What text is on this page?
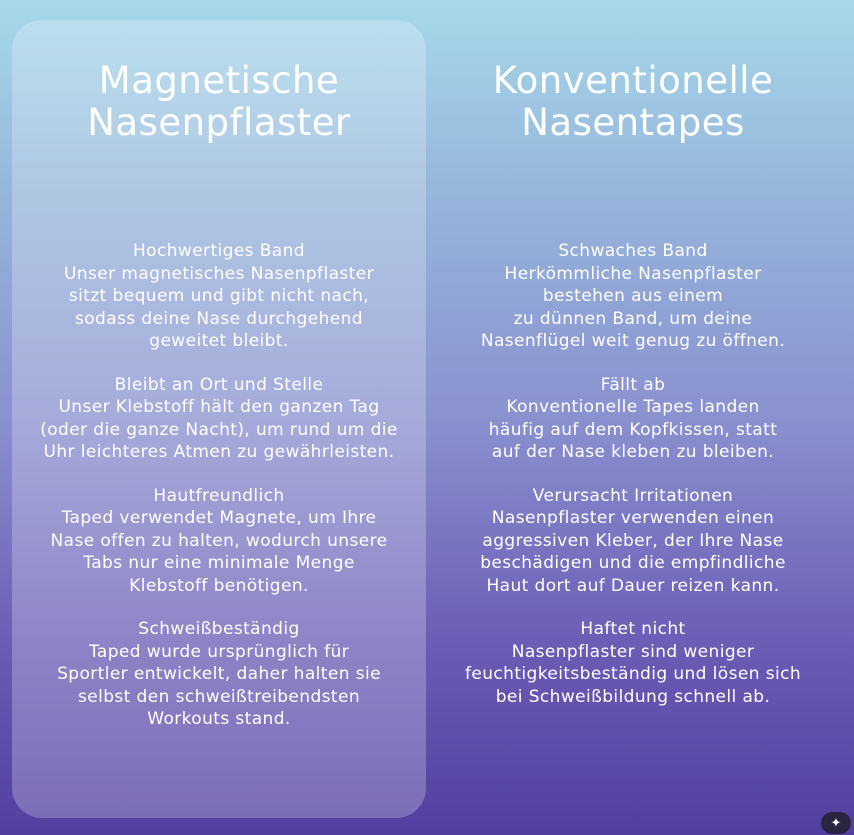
Magnetische
Nasenpflaster
Hochwertiges Band
Unser magnetisches Nasenpflaster
sitzt bequem und gibt nicht nach,
sodass deine Nase durchgehend
geweitet bleibt.
Bleibt an Ort und Stelle
Unser Klebstoff hält den ganzen Tag
(oder die ganze Nacht), um rund um die
Uhr leichteres Atmen zu gewährleisten.
Hautfreundlich
Taped verwendet Magnete, um Ihre
Nase offen zu halten, wodurch unsere
Tabs nur eine minimale Menge
Klebstoff benötigen.
Schweißbeständig
Taped wurde ursprünglich für
Sportler entwickelt, daher halten sie
selbst den schweißtreibendsten
Workouts stand.
Konventionelle
Nasentapes
Schwaches Band
Herkömmliche Nasenpflaster
bestehen aus einem
zu dünnen Band, um deine
Nasenflügel weit genug zu öffnen.
Fällt ab
Konventionelle Tapes landen
häufig auf dem Kopfkissen, statt
auf der Nase kleben zu bleiben.
Verursacht Irritationen
Nasenpflaster verwenden einen
aggressiven Kleber, der Ihre Nase
beschädigen und die empfindliche
Haut dort auf Dauer reizen kann.
Haftet nicht
Nasenpflaster sind weniger
feuchtigkeitsbeständig und lösen sich
bei Schweißbildung schnell ab.
✦
